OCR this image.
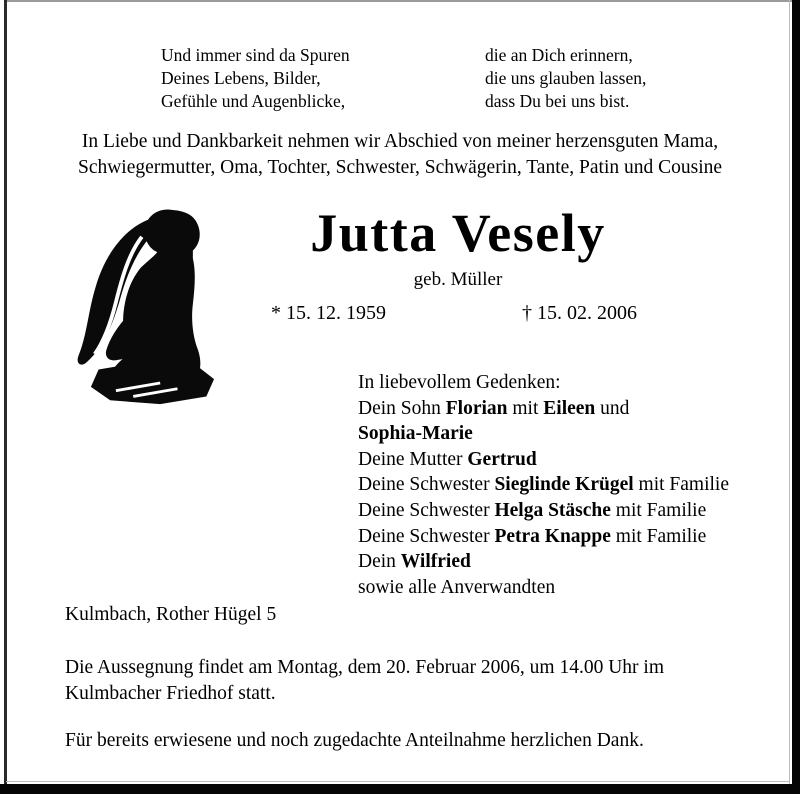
Und immer sind da Spuren
Deines Lebens, Bilder,
Gefühle und Augenblicke,
die an Dich erinnern,
die uns glauben lassen,
dass Du bei uns bist.
In Liebe und Dankbarkeit nehmen wir Abschied von meiner herzensguten Mama,
Schwiegermutter, Oma, Tochter, Schwester, Schwägerin, Tante, Patin und Cousine
Jutta Vesely
geb. Müller
* 15. 12. 1959	† 15. 02. 2006
In liebevollem Gedenken:
Dein Sohn Florian mit Eileen und
Sophia-Marie
Deine Mutter Gertrud
Deine Schwester Sieglinde Krügel mit Familie
Deine Schwester Helga Stäsche mit Familie
Deine Schwester Petra Knappe mit Familie
Dein Wilfried
sowie alle Anverwandten
Kulmbach, Rother Hügel 5
Die Aussegnung findet am Montag, dem 20. Februar 2006, um 14.00 Uhr im
Kulmbacher Friedhof statt.
Für bereits erwiesene und noch zugedachte Anteilnahme herzlichen Dank.
